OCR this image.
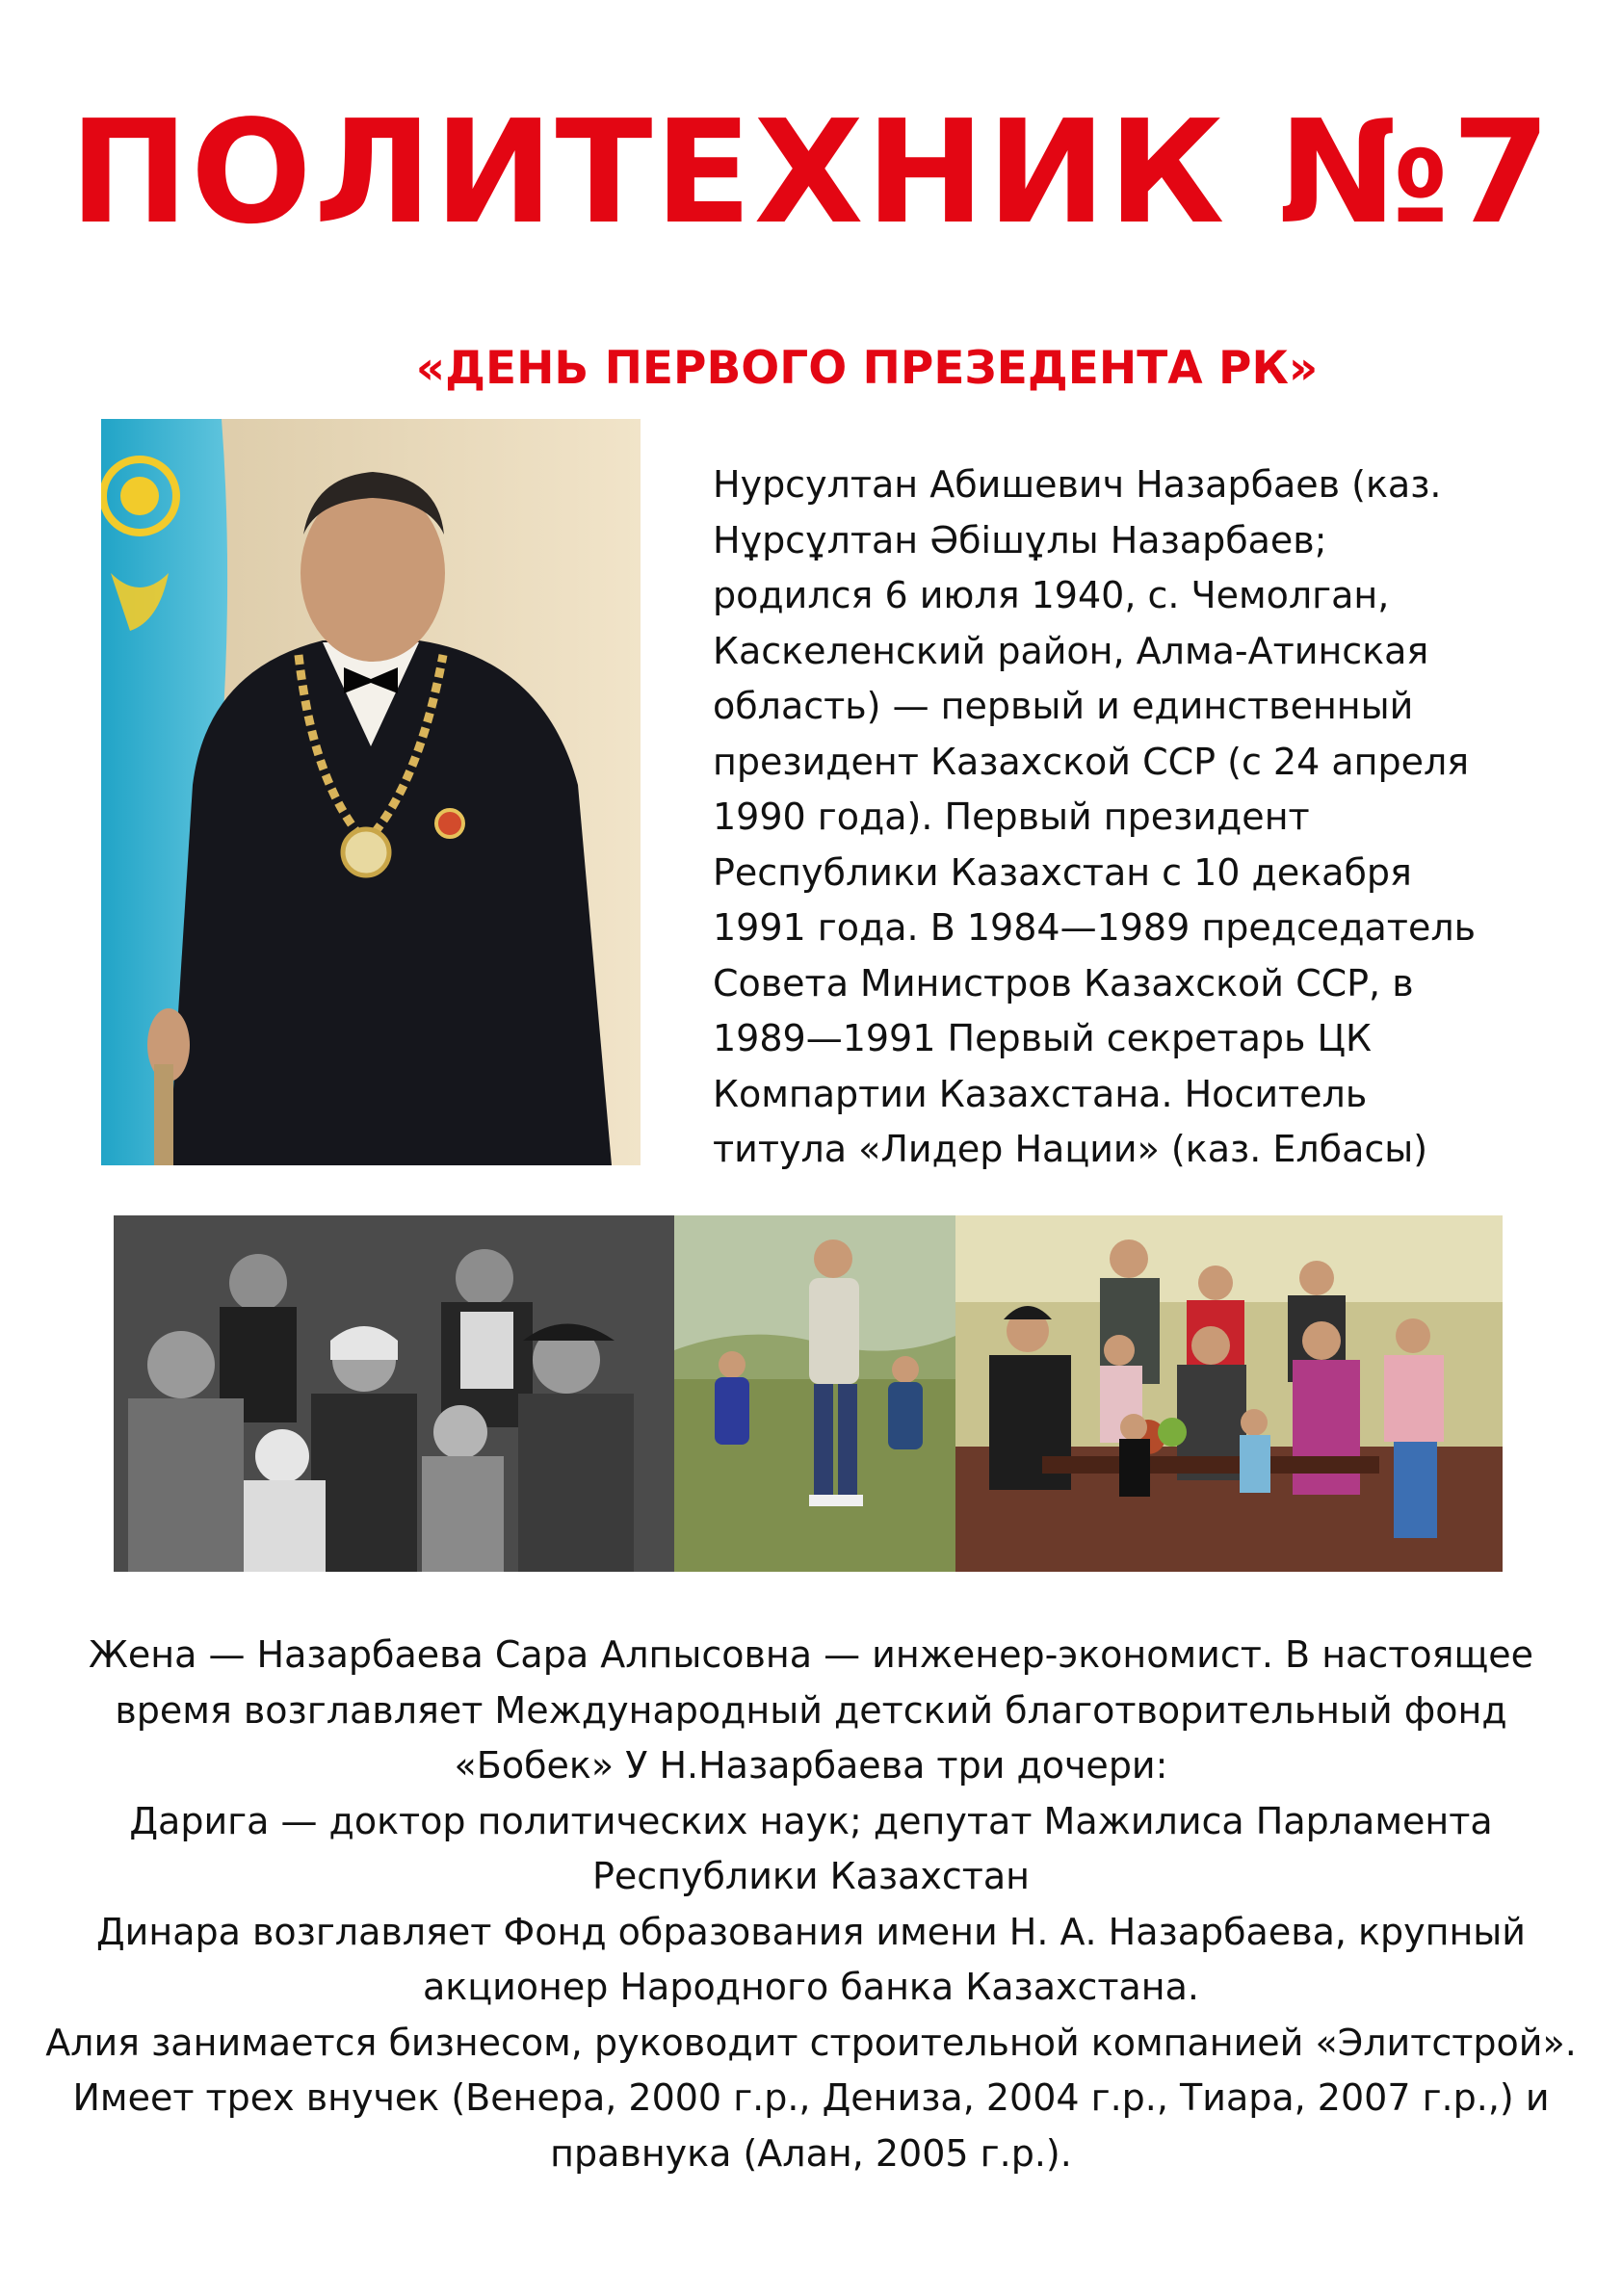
ПОЛИТЕХНИК №7
«ДЕНЬ ПЕРВОГО ПРЕЗЕДЕНТА РК»
Нурсултан Абишевич Назарбаев (каз.
Нұрсұлтан Әбішұлы Назарбаев;
родился 6 июля 1940, с. Чемолган,
Каскеленский район, Алма-Атинская
область) — первый и единственный
президент Казахской ССР (с 24 апреля
1990 года). Первый президент
Республики Казахстан с 10 декабря
1991 года. В 1984—1989 председатель
Совета Министров Казахской ССР, в
1989—1991 Первый секретарь ЦК
Компартии Казахстана. Носитель
титула «Лидер Нации» (каз. Елбасы)

Жена — Назарбаева Сара Алпысовна — инженер-экономист. В настоящее
время возглавляет Международный детский благотворительный фонд
«Бобек» У Н.Назарбаева три дочери:

Дарига — доктор политических наук; депутат Мажилиса Парламента
Республики Казахстан

Динара возглавляет Фонд образования имени Н. А. Назарбаева, крупный
акционер Народного банка Казахстана.

Алия занимается бизнесом, руководит строительной компанией «Элитстрой».
Имеет трех внучек (Венера, 2000 г.р., Дениза, 2004 г.р., Тиара, 2007 г.р.,) и
правнука (Алан, 2005 г.р.).
